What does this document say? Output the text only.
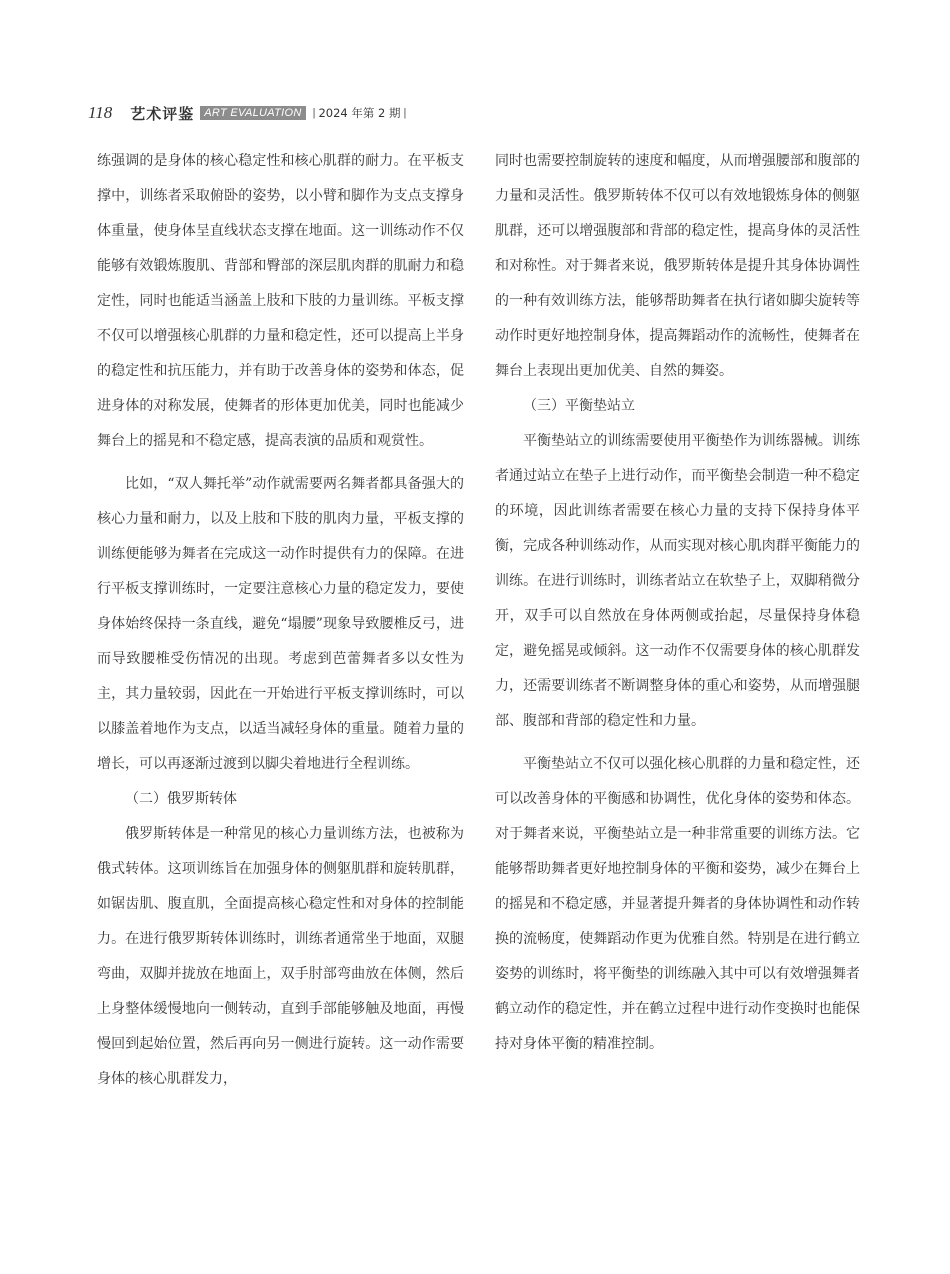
118 艺术评鉴 ART EVALUATION	| 2024 年第 2 期 |

练强调的是身体的核心稳定性和核心肌群的耐力。在平板支撑中，训练者采取俯卧的姿势，以小臂和脚作为支点支撑身体重量，使身体呈直线状态支撑在地面。这一训练动作不仅能够有效锻炼腹肌、背部和臀部的深层肌肉群的肌耐力和稳定性，同时也能适当涵盖上肢和下肢的力量训练。平板支撑不仅可以增强核心肌群的力量和稳定性，还可以提高上半身的稳定性和抗压能力，并有助于改善身体的姿势和体态，促进身体的对称发展，使舞者的形体更加优美，同时也能减少舞台上的摇晃和不稳定感，提高表演的品质和观赏性。

比如，“双人舞托举”动作就需要两名舞者都具备强大的核心力量和耐力，以及上肢和下肢的肌肉力量，平板支撑的训练便能够为舞者在完成这一动作时提供有力的保障。在进行平板支撑训练时，一定要注意核心力量的稳定发力，要使身体始终保持一条直线，避免“塌腰”现象导致腰椎反弓，进而导致腰椎受伤情况的出现。考虑到芭蕾舞者多以女性为主，其力量较弱，因此在一开始进行平板支撑训练时，可以以膝盖着地作为支点，以适当减轻身体的重量。随着力量的增长，可以再逐渐过渡到以脚尖着地进行全程训练。

（二）俄罗斯转体

俄罗斯转体是一种常见的核心力量训练方法，也被称为俄式转体。这项训练旨在加强身体的侧躯肌群和旋转肌群，如锯齿肌、腹直肌，全面提高核心稳定性和对身体的控制能力。在进行俄罗斯转体训练时，训练者通常坐于地面，双腿弯曲，双脚并拢放在地面上，双手肘部弯曲放在体侧，然后上身整体缓慢地向一侧转动，直到手部能够触及地面，再慢慢回到起始位置，然后再向另一侧进行旋转。这一动作需要身体的核心肌群发力，

同时也需要控制旋转的速度和幅度，从而增强腰部和腹部的力量和灵活性。俄罗斯转体不仅可以有效地锻炼身体的侧躯肌群，还可以增强腹部和背部的稳定性，提高身体的灵活性和对称性。对于舞者来说，俄罗斯转体是提升其身体协调性的一种有效训练方法，能够帮助舞者在执行诸如脚尖旋转等动作时更好地控制身体，提高舞蹈动作的流畅性，使舞者在舞台上表现出更加优美、自然的舞姿。

（三）平衡垫站立

平衡垫站立的训练需要使用平衡垫作为训练器械。训练者通过站立在垫子上进行动作，而平衡垫会制造一种不稳定的环境，因此训练者需要在核心力量的支持下保持身体平衡，完成各种训练动作，从而实现对核心肌肉群平衡能力的训练。在进行训练时，训练者站立在软垫子上，双脚稍微分开，双手可以自然放在身体两侧或抬起，尽量保持身体稳定，避免摇晃或倾斜。这一动作不仅需要身体的核心肌群发力，还需要训练者不断调整身体的重心和姿势，从而增强腿部、腹部和背部的稳定性和力量。

平衡垫站立不仅可以强化核心肌群的力量和稳定性，还可以改善身体的平衡感和协调性，优化身体的姿势和体态。对于舞者来说，平衡垫站立是一种非常重要的训练方法。它能够帮助舞者更好地控制身体的平衡和姿势，减少在舞台上的摇晃和不稳定感，并显著提升舞者的身体协调性和动作转换的流畅度，使舞蹈动作更为优雅自然。特别是在进行鹤立姿势的训练时，将平衡垫的训练融入其中可以有效增强舞者鹤立动作的稳定性，并在鹤立过程中进行动作变换时也能保持对身体平衡的精准控制。
